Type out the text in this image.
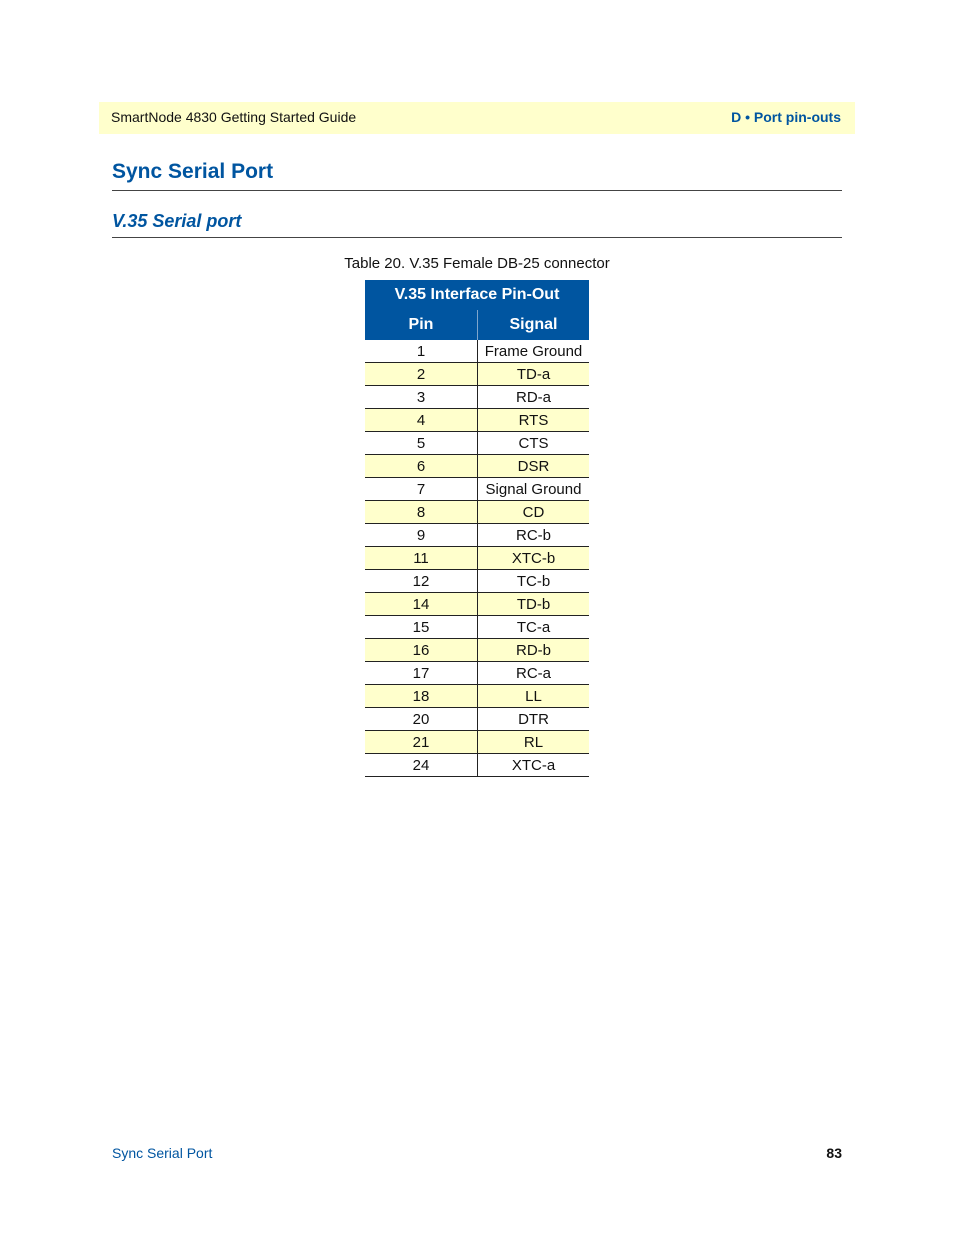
SmartNode 4830 Getting Started Guide	D • Port pin-outs
Sync Serial Port
V.35 Serial port
Table 20. V.35 Female DB-25 connector
V.35 Interface Pin-Out	
Pin	Signal
1	Frame Ground
2	TD-a
3	RD-a
4	RTS
5	CTS
6	DSR
7	Signal Ground
8	CD
9	RC-b
11	XTC-b
12	TC-b
14	TD-b
15	TC-a
16	RD-b
17	RC-a
18	LL
20	DTR
21	RL
24	XTC-a
Sync Serial Port	83
